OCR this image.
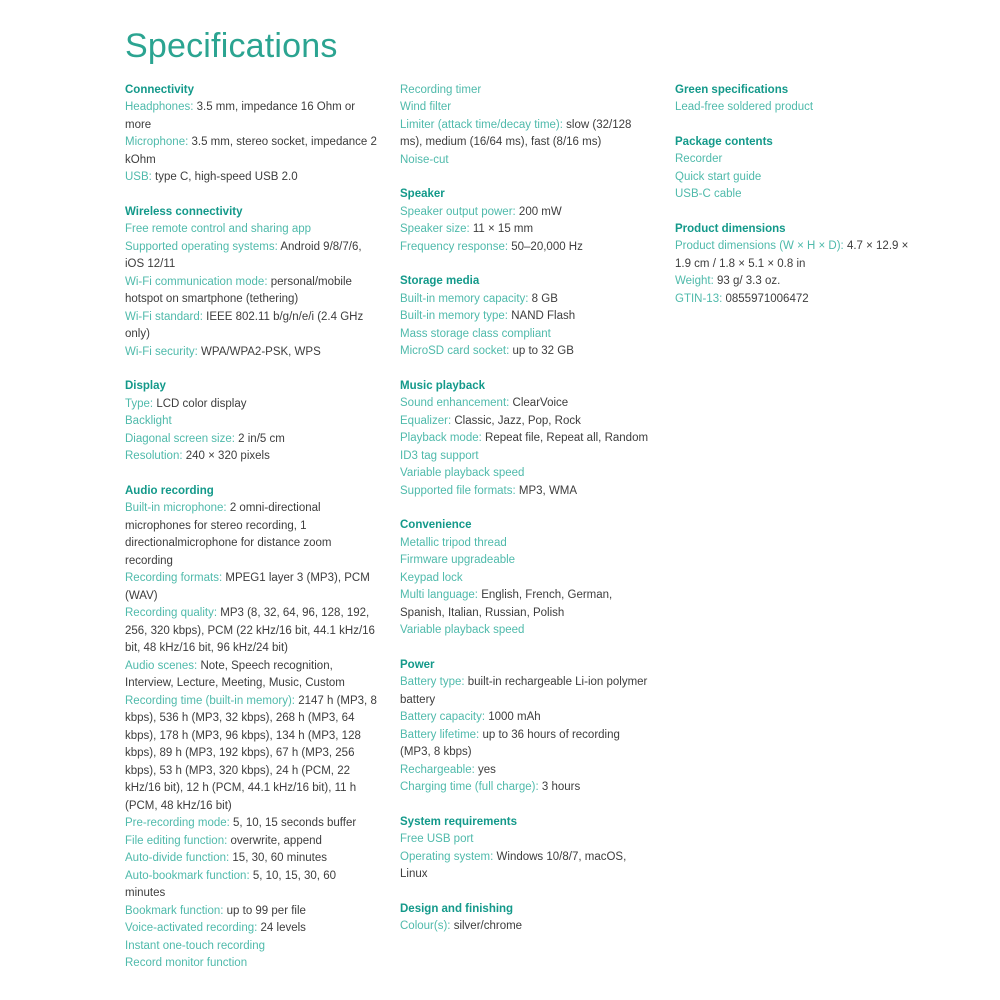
Specifications
Connectivity

Headphones: 3.5 mm, impedance 16 Ohm or more

Microphone: 3.5 mm, stereo socket, impedance 2 kOhm

USB: type C, high-speed USB 2.0

Wireless connectivity

Free remote control and sharing app

Supported operating systems: Android 9/8/7/6, iOS 12/11

Wi-Fi communication mode: personal/mobile hotspot on smartphone (tethering)

Wi-Fi standard: IEEE 802.11 b/g/n/e/i (2.4 GHz only)

Wi-Fi security: WPA/WPA2-PSK, WPS

Display

Type: LCD color display

Backlight

Diagonal screen size: 2 in/5 cm

Resolution: 240 × 320 pixels

Audio recording

Built-in microphone: 2 omni-directional microphones for stereo recording, 1 directionalmicrophone for distance zoom recording

Recording formats: MPEG1 layer 3 (MP3), PCM (WAV)

Recording quality: MP3 (8, 32, 64, 96, 128, 192, 256, 320 kbps), PCM (22 kHz/16 bit, 44.1 kHz/16 bit, 48 kHz/16 bit, 96 kHz/24 bit)

Audio scenes: Note, Speech recognition, Interview, Lecture, Meeting, Music, Custom

Recording time (built-in memory): 2147 h (MP3, 8 kbps), 536 h (MP3, 32 kbps), 268 h (MP3, 64 kbps), 178 h (MP3, 96 kbps), 134 h (MP3, 128 kbps), 89 h (MP3, 192 kbps), 67 h (MP3, 256 kbps), 53 h (MP3, 320 kbps), 24 h (PCM, 22 kHz/16 bit), 12 h (PCM, 44.1 kHz/16 bit), 11 h (PCM, 48 kHz/16 bit)

Pre-recording mode: 5, 10, 15 seconds buffer

File editing function: overwrite, append

Auto-divide function: 15, 30, 60 minutes

Auto-bookmark function: 5, 10, 15, 30, 60 minutes

Bookmark function: up to 99 per file

Voice-activated recording: 24 levels

Instant one-touch recording

Record monitor function

Recording timer

Wind filter

Limiter (attack time/decay time): slow (32/128 ms), medium (16/64 ms), fast (8/16 ms)

Noise-cut

Speaker

Speaker output power: 200 mW

Speaker size: 11 × 15 mm

Frequency response: 50–20,000 Hz

Storage media

Built-in memory capacity: 8 GB

Built-in memory type: NAND Flash

Mass storage class compliant

MicroSD card socket: up to 32 GB

Music playback

Sound enhancement: ClearVoice

Equalizer: Classic, Jazz, Pop, Rock

Playback mode: Repeat file, Repeat all, Random

ID3 tag support

Variable playback speed

Supported file formats: MP3, WMA

Convenience

Metallic tripod thread

Firmware upgradeable

Keypad lock

Multi language: English, French, German, Spanish, Italian, Russian, Polish

Variable playback speed

Power

Battery type: built-in rechargeable Li-ion polymer battery

Battery capacity: 1000 mAh

Battery lifetime: up to 36 hours of recording (MP3, 8 kbps)

Rechargeable: yes

Charging time (full charge): 3 hours

System requirements

Free USB port

Operating system: Windows 10/8/7, macOS, Linux

Design and finishing

Colour(s): silver/chrome

Green specifications

Lead-free soldered product

Package contents

Recorder

Quick start guide

USB-C cable

Product dimensions

Product dimensions (W × H × D): 4.7 × 12.9 × 1.9 cm / 1.8 × 5.1 × 0.8 in

Weight: 93 g/ 3.3 oz.

GTIN-13: 0855971006472
